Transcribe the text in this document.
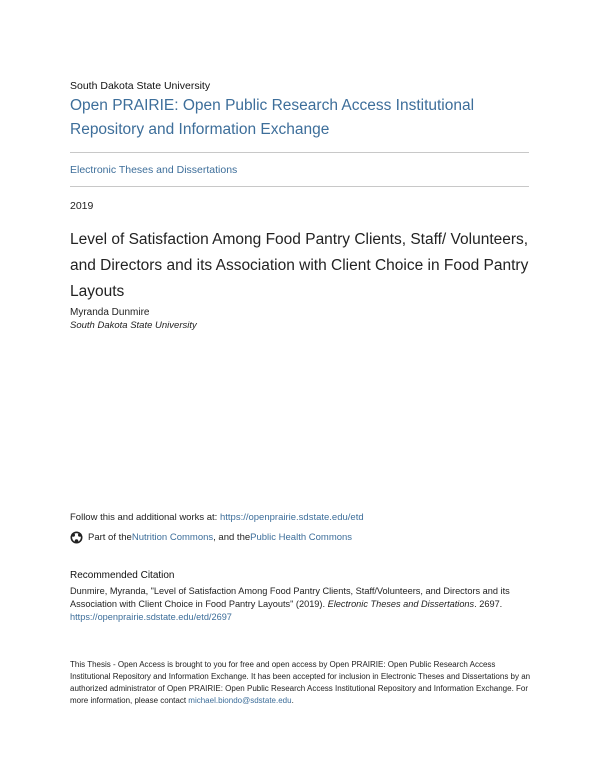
South Dakota State University
Open PRAIRIE: Open Public Research Access Institutional Repository and Information Exchange
Electronic Theses and Dissertations
2019
Level of Satisfaction Among Food Pantry Clients, Staff/ Volunteers, and Directors and its Association with Client Choice in Food Pantry Layouts
Myranda Dunmire
South Dakota State University
Follow this and additional works at: https://openprairie.sdstate.edu/etd
Part of the Nutrition Commons , and the Public Health Commons
Recommended Citation
Dunmire, Myranda, "Level of Satisfaction Among Food Pantry Clients, Staff/Volunteers, and Directors and its Association with Client Choice in Food Pantry Layouts" (2019). Electronic Theses and Dissertations. 2697.
https://openprairie.sdstate.edu/etd/2697
This Thesis - Open Access is brought to you for free and open access by Open PRAIRIE: Open Public Research Access Institutional Repository and Information Exchange. It has been accepted for inclusion in Electronic Theses and Dissertations by an authorized administrator of Open PRAIRIE: Open Public Research Access Institutional Repository and Information Exchange. For more information, please contact michael.biondo@sdstate.edu.
